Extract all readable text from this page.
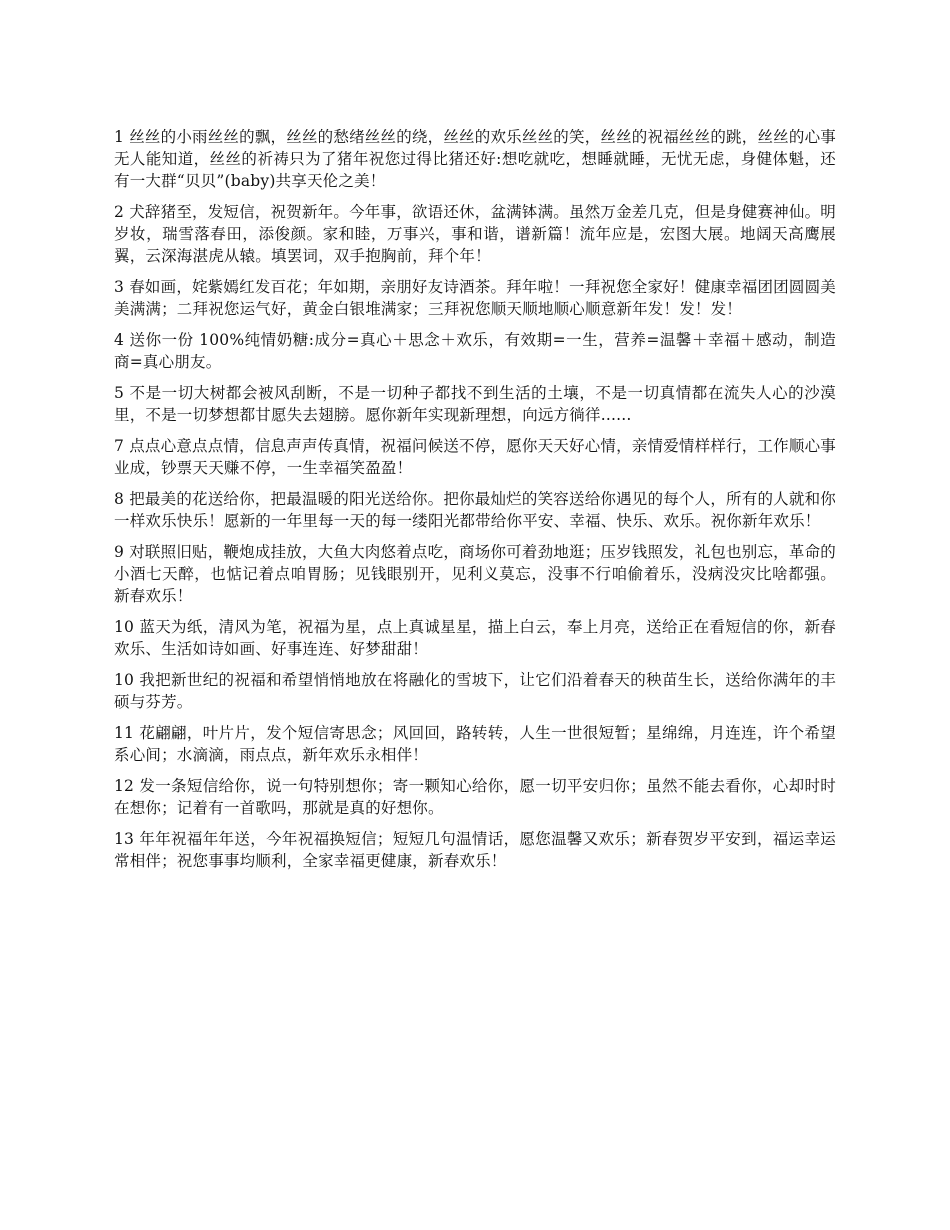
1 丝丝的小雨丝丝的飘，丝丝的愁绪丝丝的绕，丝丝的欢乐丝丝的笑，丝丝的祝福丝丝的跳，丝丝的心事无人能知道，丝丝的祈祷只为了猪年祝您过得比猪还好:想吃就吃，想睡就睡，无忧无虑，身健体魁，还有一大群“贝贝”(baby)共享天伦之美！

2 犬辞猪至，发短信，祝贺新年。今年事，欲语还休，盆满钵满。虽然万金差几克，但是身健赛神仙。明岁妆，瑞雪落春田，添俊颜。家和睦，万事兴，事和谐，谱新篇！流年应是，宏图大展。地阔天高鹰展翼，云深海湛虎从辕。填罢词，双手抱胸前，拜个年！

3 春如画，姹紫嫣红发百花；年如期，亲朋好友诗酒茶。拜年啦！一拜祝您全家好！健康幸福团团圆圆美美满满；二拜祝您运气好，黄金白银堆满家；三拜祝您顺天顺地顺心顺意新年发！发！发！

4 送你一份 100%纯情奶糖:成分=真心＋思念＋欢乐，有效期=一生，营养=温馨＋幸福＋感动，制造商=真心朋友。

5 不是一切大树都会被风刮断，不是一切种子都找不到生活的土壤，不是一切真情都在流失人心的沙漠里，不是一切梦想都甘愿失去翅膀。愿你新年实现新理想，向远方徜徉......

7 点点心意点点情，信息声声传真情，祝福问候送不停，愿你天天好心情，亲情爱情样样行，工作顺心事业成，钞票天天赚不停，一生幸福笑盈盈！

8 把最美的花送给你，把最温暖的阳光送给你。把你最灿烂的笑容送给你遇见的每个人，所有的人就和你一样欢乐快乐！愿新的一年里每一天的每一缕阳光都带给你平安、幸福、快乐、欢乐。祝你新年欢乐！

9 对联照旧贴，鞭炮成挂放，大鱼大肉悠着点吃，商场你可着劲地逛；压岁钱照发，礼包也别忘，革命的小酒七天醉，也惦记着点咱胃肠；见钱眼别开，见利义莫忘，没事不行咱偷着乐，没病没灾比啥都强。新春欢乐！

10 蓝天为纸，清风为笔，祝福为星，点上真诚星星，描上白云，奉上月亮，送给正在看短信的你，新春欢乐、生活如诗如画、好事连连、好梦甜甜！

10 我把新世纪的祝福和希望悄悄地放在将融化的雪坡下，让它们沿着春天的秧苗生长，送给你满年的丰硕与芬芳。

11 花翩翩，叶片片，发个短信寄思念；风回回，路转转，人生一世很短暂；星绵绵，月连连，许个希望系心间；水滴滴，雨点点，新年欢乐永相伴！

12 发一条短信给你，说一句特别想你；寄一颗知心给你，愿一切平安归你；虽然不能去看你，心却时时在想你；记着有一首歌吗，那就是真的好想你。

13 年年祝福年年送，今年祝福换短信；短短几句温情话，愿您温馨又欢乐；新春贺岁平安到，福运幸运常相伴；祝您事事均顺利，全家幸福更健康，新春欢乐！
